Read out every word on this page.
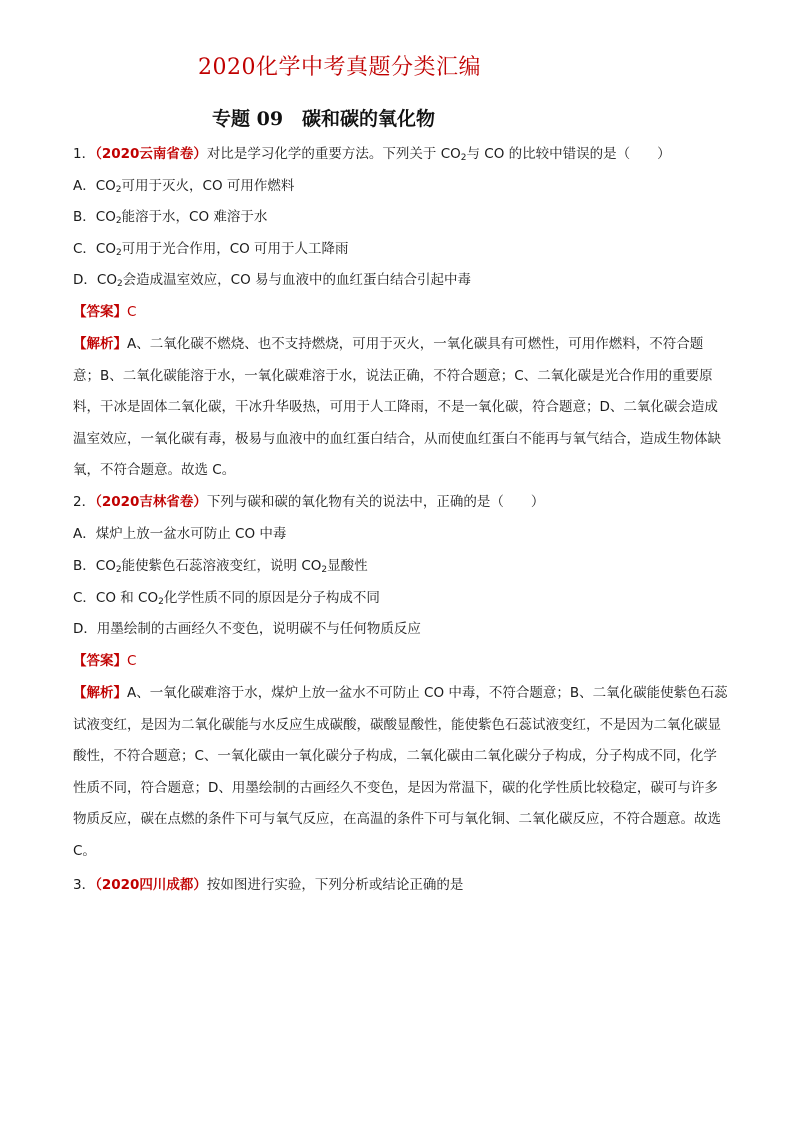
2020化学中考真题分类汇编
专题 09　碳和碳的氧化物
1．（2020云南省卷）对比是学习化学的重要方法。下列关于 $CO_2$与 CO 的比较中错误的是（　　）
A．$CO_2$可用于灭火，CO 可用作燃料
B．$CO_2$能溶于水，CO 难溶于水
C．$CO_2$可用于光合作用，CO 可用于人工降雨
D．$CO_2$会造成温室效应，CO 易与血液中的血红蛋白结合引起中毒
【答案】C
【解析】A、二氧化碳不燃烧、也不支持燃烧，可用于灭火，一氧化碳具有可燃性，可用作燃料，不符合题意；B、二氧化碳能溶于水，一氧化碳难溶于水，说法正确，不符合题意；C、二氧化碳是光合作用的重要原料，干冰是固体二氧化碳，干冰升华吸热，可用于人工降雨，不是一氧化碳，符合题意；D、二氧化碳会造成温室效应，一氧化碳有毒，极易与血液中的血红蛋白结合，从而使血红蛋白不能再与氧气结合，造成生物体缺氧，不符合题意。故选 C。
2．（2020吉林省卷）下列与碳和碳的氧化物有关的说法中，正确的是（　　）
A．煤炉上放一盆水可防止 CO 中毒
B．$CO_2$能使紫色石蕊溶液变红，说明 $CO_2$显酸性
C．CO 和 $CO_2$化学性质不同的原因是分子构成不同
D．用墨绘制的古画经久不变色，说明碳不与任何物质反应
【答案】C
【解析】A、一氧化碳难溶于水，煤炉上放一盆水不可防止 CO 中毒，不符合题意；B、二氧化碳能使紫色石蕊试液变红，是因为二氧化碳能与水反应生成碳酸，碳酸显酸性，能使紫色石蕊试液变红，不是因为二氧化碳显酸性，不符合题意；C、一氧化碳由一氧化碳分子构成，二氧化碳由二氧化碳分子构成，分子构成不同，化学性质不同，符合题意；D、用墨绘制的古画经久不变色，是因为常温下，碳的化学性质比较稳定，碳可与许多物质反应，碳在点燃的条件下可与氧气反应，在高温的条件下可与氧化铜、二氧化碳反应，不符合题意。故选 C。
3．（2020四川成都）按如图进行实验，下列分析或结论正确的是
